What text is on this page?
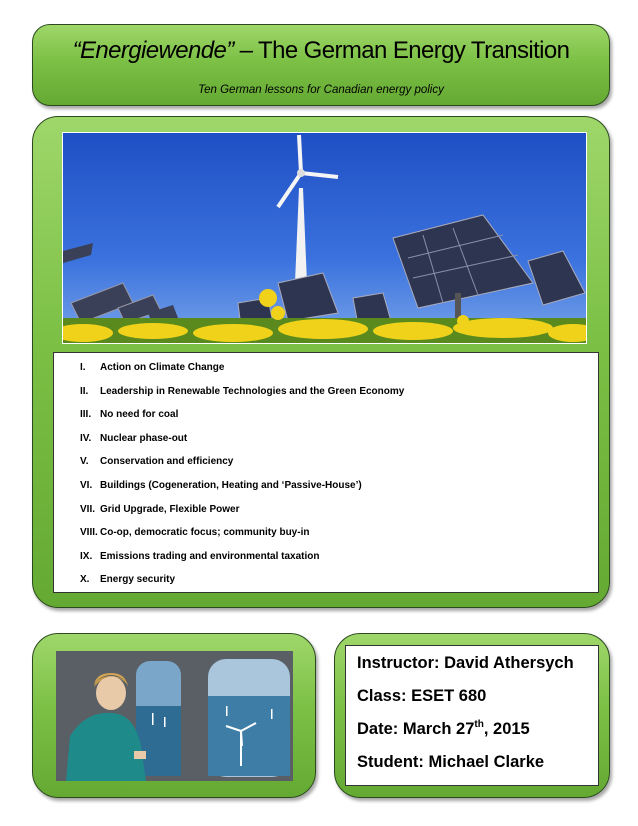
“Energiewende” – The German Energy Transition
Ten German lessons for Canadian energy policy
I. Action on Climate Change
II. Leadership in Renewable Technologies and the Green Economy
III. No need for coal
IV. Nuclear phase-out
V. Conservation and efficiency
VI. Buildings (Cogeneration, Heating and ‘Passive-House’)
VII. Grid Upgrade, Flexible Power
VIII. Co-op, democratic focus; community buy-in
IX. Emissions trading and environmental taxation
X. Energy security
Instructor: David Athersych
Class: ESET 680
Date: March 27th, 2015
Student: Michael Clarke
